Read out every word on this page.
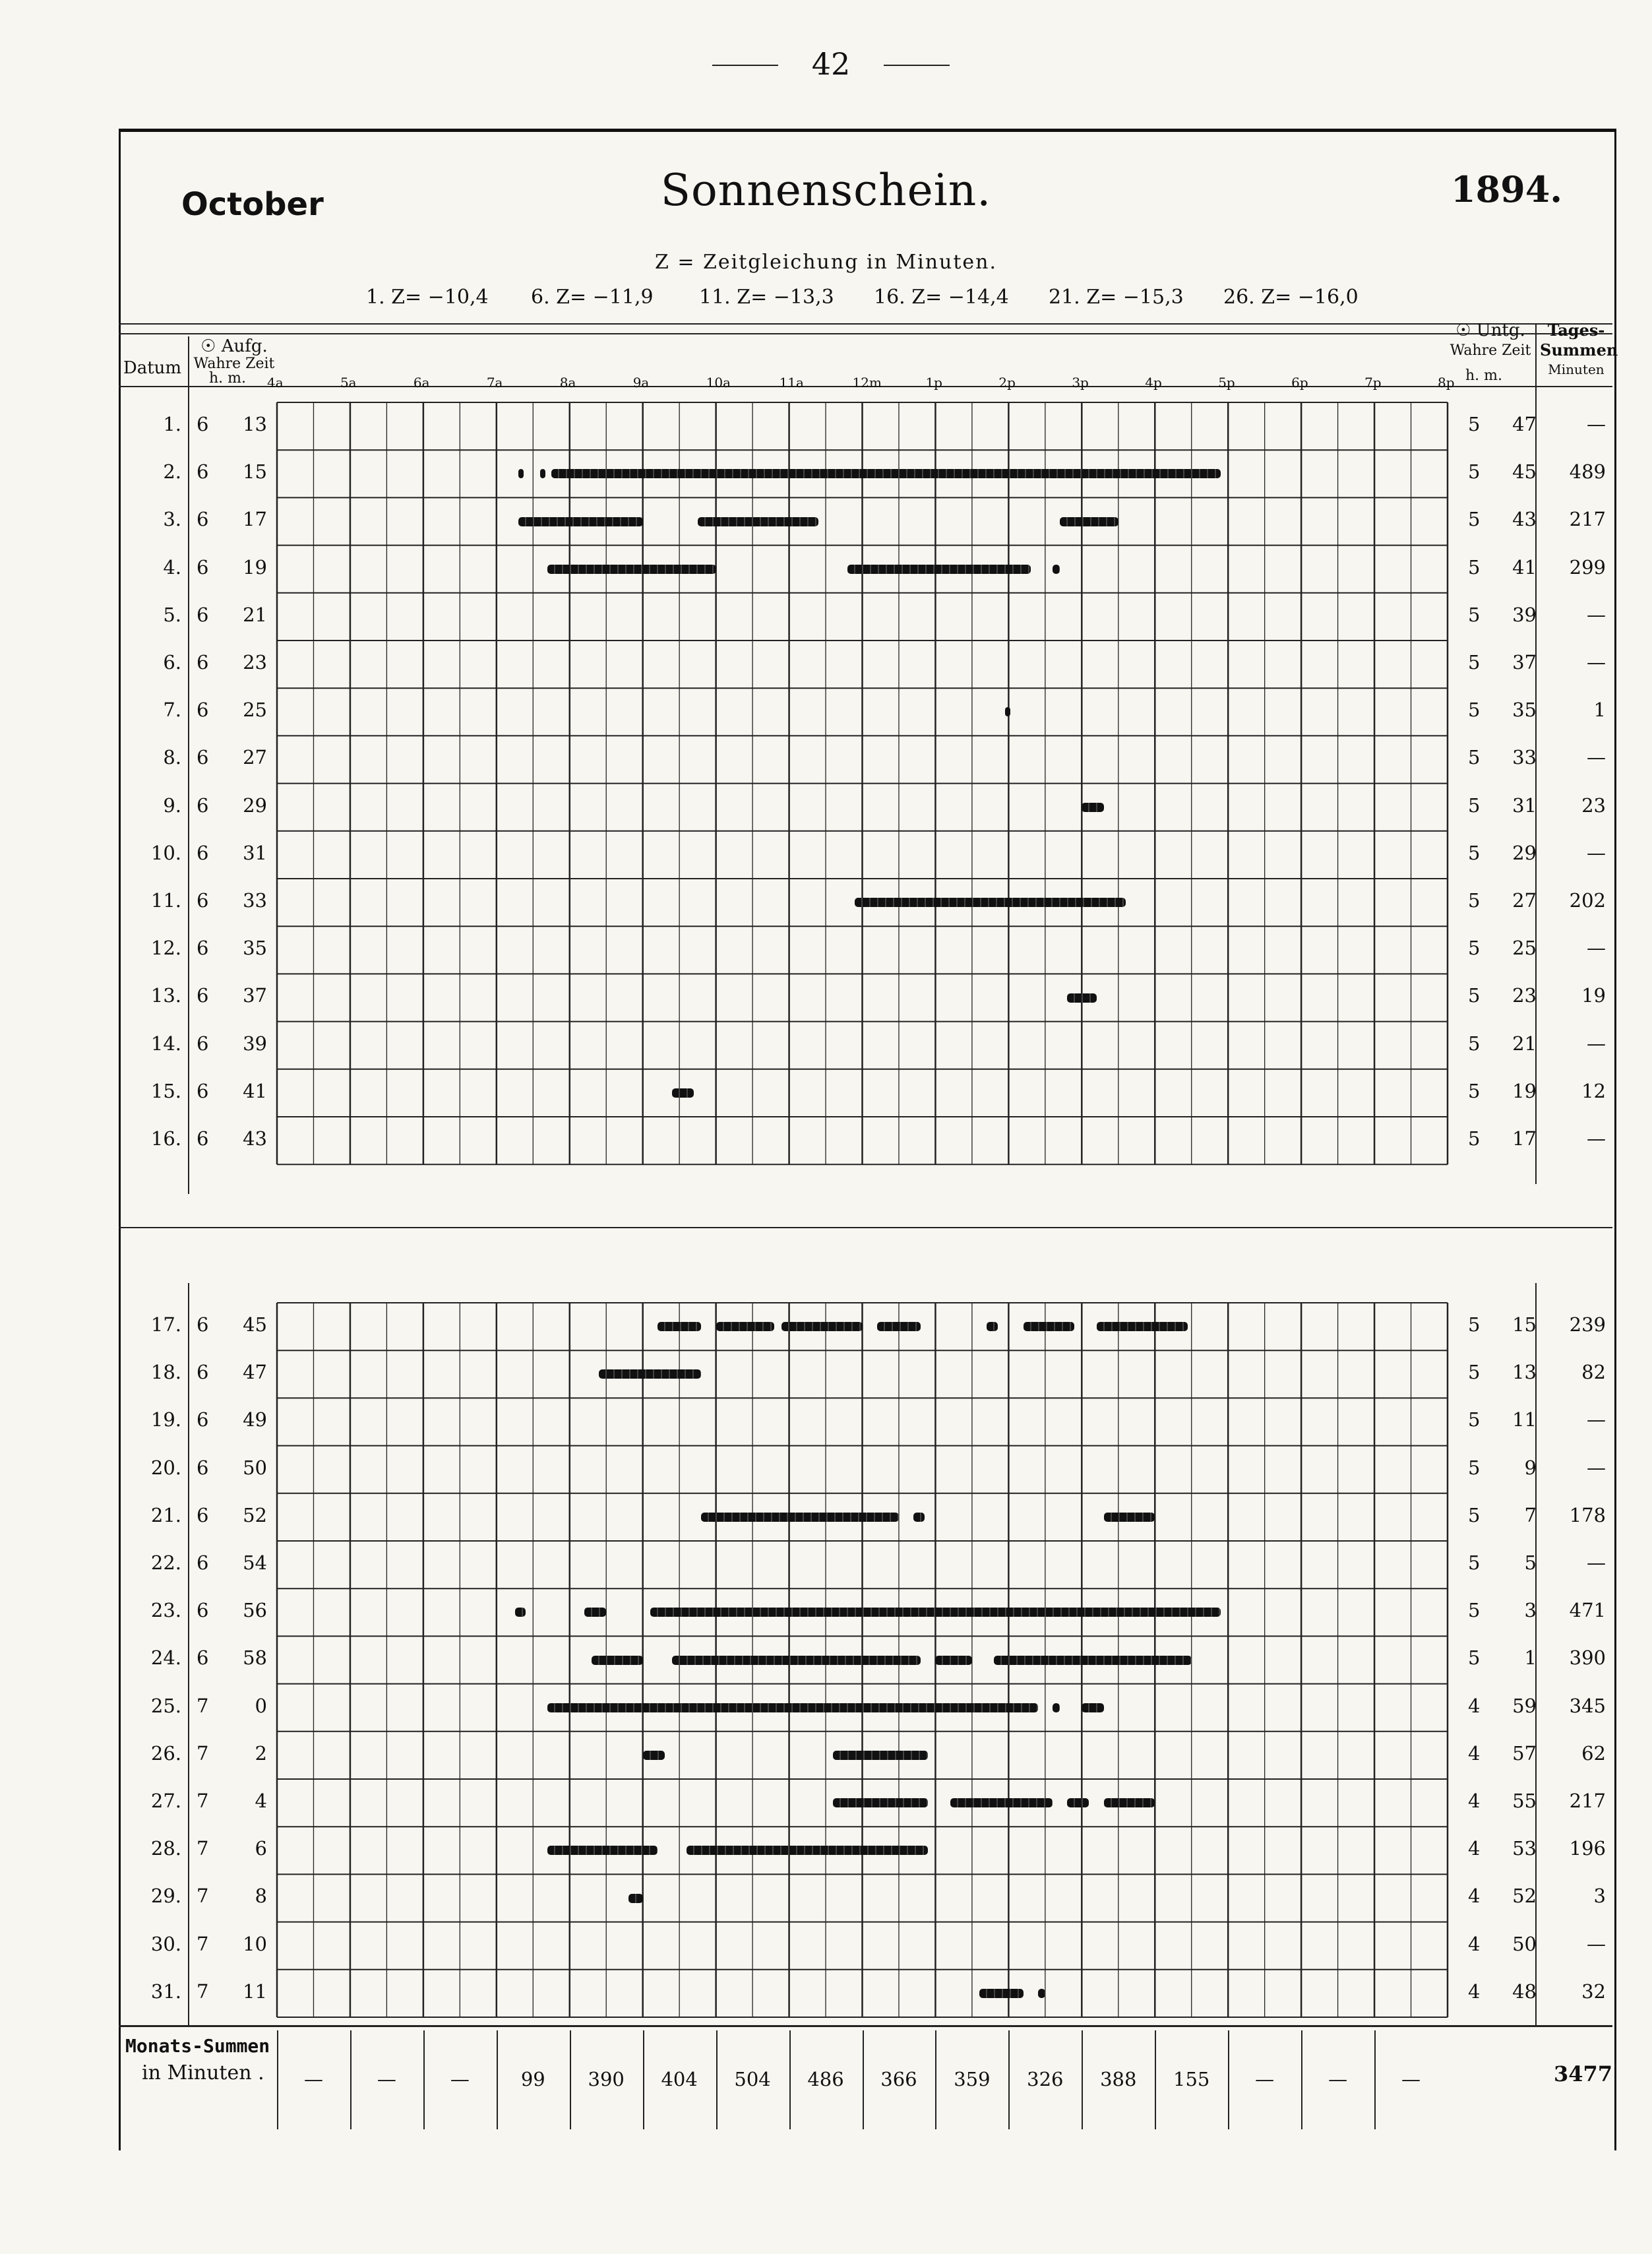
42
October	Sonnenschein.	1894.
Z = Zeitgleichung in Minuten.
1. Z= −10,4 6. Z= −11,9 11. Z= −13,3 16. Z= −14,4 21. Z= −15,3 26. Z= −16,0
Datum
☉ Aufg.
Wahre Zeit
h. m.
☉ Untg.
Wahre Zeit
h. m.
Tages-
Summen
Minuten
4a	5a	6a	7a	8a	9a	10a	11a	12m	1p	2p	3p	4p	5p	6p	7p	8p
1. 6	13	5	47	—
2. 6	15	5	45	489
3. 6	17	5	43	217
4. 6	19	5	41	299
5. 6	21	5	39	—
6. 6	23	5	37	—
7. 6	25	5	35	1
8. 6	27	5	33	—
9. 6	29	5	31	23
10. 6	31	5	29	—
11. 6	33	5	27	202
12. 6	35	5	25	—
13. 6	37	5	23	19
14. 6	39	5	21	—
15. 6	41	5	19	12
16. 6	43	5	17	—
17. 6	45	5	15	239
18. 6	47	5	13	82
19. 6	49	5	11	—
20. 6	50	5	9	—
21. 6	52	5	7	178
22. 6	54	5	5	—
23. 6	56	5	3	471
24. 6	58	5	1	390
25. 7	0	4	59	345
26. 7	2	4	57	62
27. 7	4	4	55	217
28. 7	6	4	53	196
29. 7	8	4	52	3
30. 7	10	4	50	—
31. 7	11	4	48	32
Monats-Summen
in Minuten .	—	—	—	99	390	404	504	486	366	359	326	388	155	—	—	—	3477
